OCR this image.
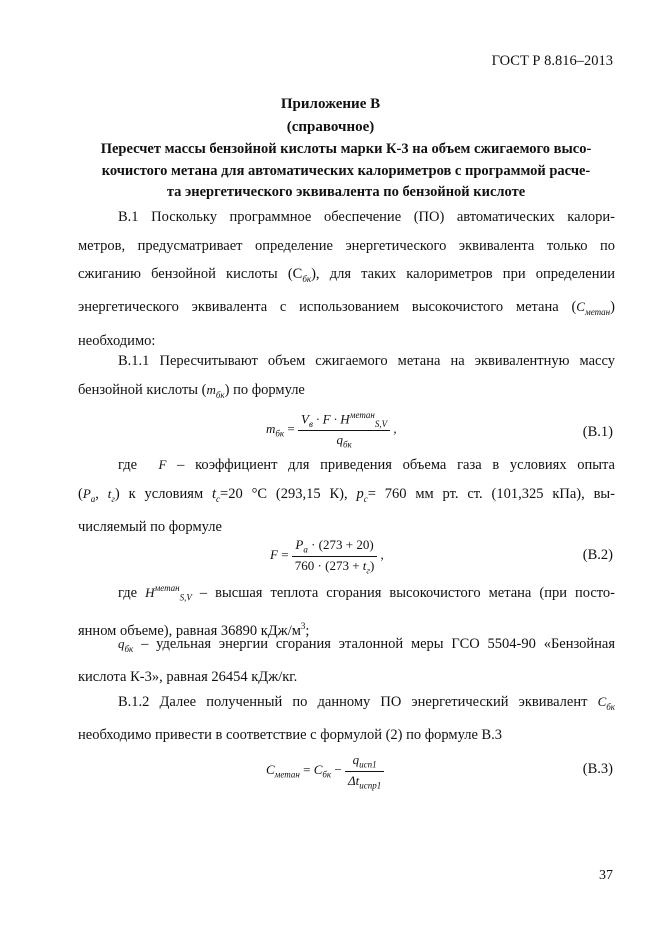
ГОСТ Р 8.816–2013
Приложение В
(справочное)
Пересчет массы бензойной кислоты марки К-3 на объем сжигаемого высо-
кочистого метана для автоматических калориметров с программой расче-
та энергетического эквивалента по бензойной кислоте
В.1 Поскольку программное обеспечение (ПО) автоматических калори-
метров, предусматривает определение энергетического эквивалента только по
сжиганию бензойной кислоты $(С_{бк})$, для таких калориметров при определении
энергетического эквивалента с использованием высокочистого метана $(C_{метан})$
необходимо:
В.1.1 Пересчитывают объем сжигаемого метана на эквивалентную массу
бензойной кислоты $(m_{бк})$ по формуле
$m_{бк} = \frac{V_в \cdot F \cdot H^{метан}_{S,V}}{q_{бк}}$ ,	(В.1)
где F – коэффициент для приведения объема газа в условиях опыта
($P_а$, $t_г$) к условиям $t_с=20$ °С (293,15 К), $р_с= 760$ мм рт. ст. (101,325 кПа), вы-
числяемый по формуле
$F = \frac{P_а \cdot (273 + 20)}{760 \cdot (273 + t_г)}$ ,	(В.2)
где $H^{метан}_{S,V}$ – высшая теплота сгорания высокочистого метана (при посто-
янном объеме), равная 36890 кДж/$м^3$;
$q_{бк}$ – удельная энергии сгорания эталонной меры ГСО 5504-90 «Бензойная
кислота К-3», равная 26454 кДж/кг.
В.1.2 Далее полученный по данному ПО энергетический эквивалент $C_{бк}$
необходимо привести в соответствие с формулой (2) по формуле В.3
$C_{метан} = C_{бк} - \frac{q_{исп1}}{\Delta t_{испр1}}$	(В.3)
37
